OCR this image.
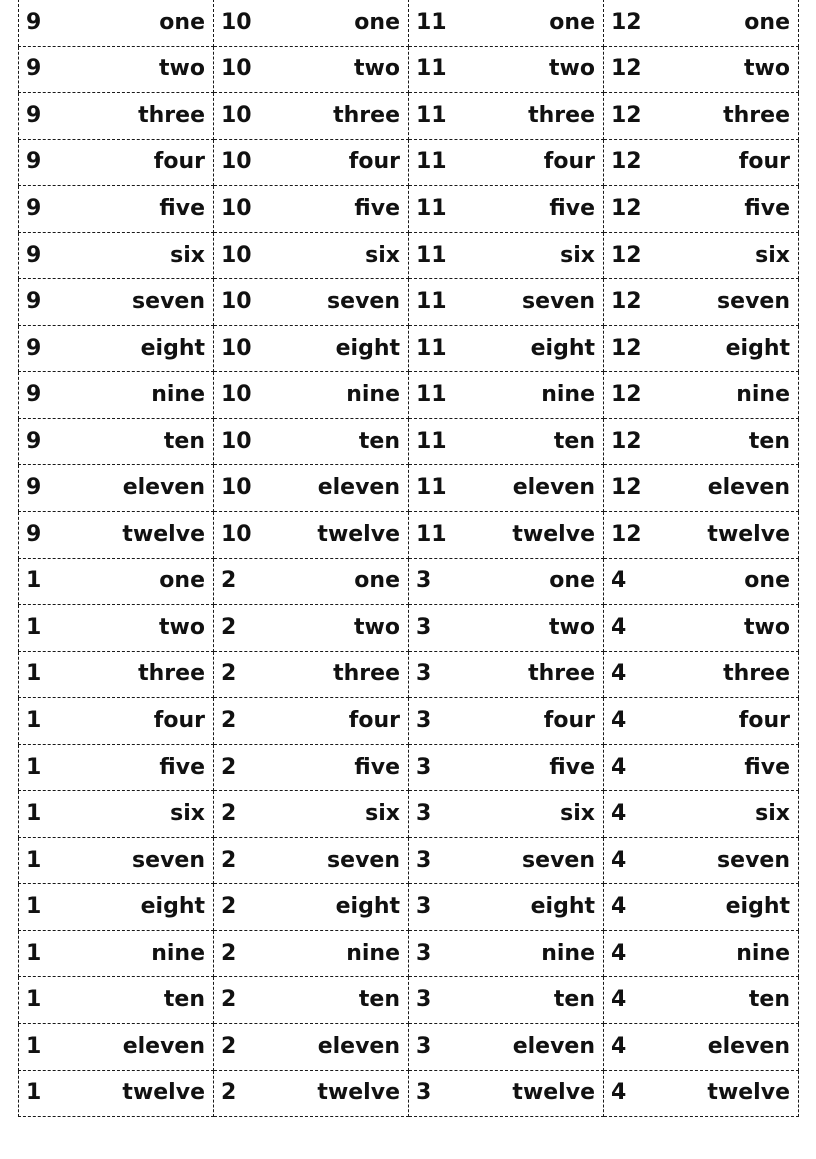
9 one	10 one	11 one	12 one

9 two	10 two	11 two	12 two

9 three	10 three	11 three	12 three

9 four	10 four	11 four	12 four

9 five	10 five	11 five	12 five

9 six	10 six	11 six	12 six

9 seven	10 seven	11 seven	12 seven

9 eight	10 eight	11 eight	12 eight

9 nine	10 nine	11 nine	12 nine

9 ten	10 ten	11 ten	12 ten

9 eleven	10 eleven	11 eleven	12 eleven

9 twelve	10 twelve	11 twelve	12 twelve

1 one	2 one	3 one	4 one

1 two	2 two	3 two	4 two

1 three	2 three	3 three	4 three

1 four	2 four	3 four	4 four

1 five	2 five	3 five	4 five

1 six	2 six	3 six	4 six

1 seven	2 seven	3 seven	4 seven

1 eight	2 eight	3 eight	4 eight

1 nine	2 nine	3 nine	4 nine

1 ten	2 ten	3 ten	4 ten

1 eleven	2 eleven	3 eleven	4 eleven

1 twelve	2 twelve	3 twelve	4 twelve
